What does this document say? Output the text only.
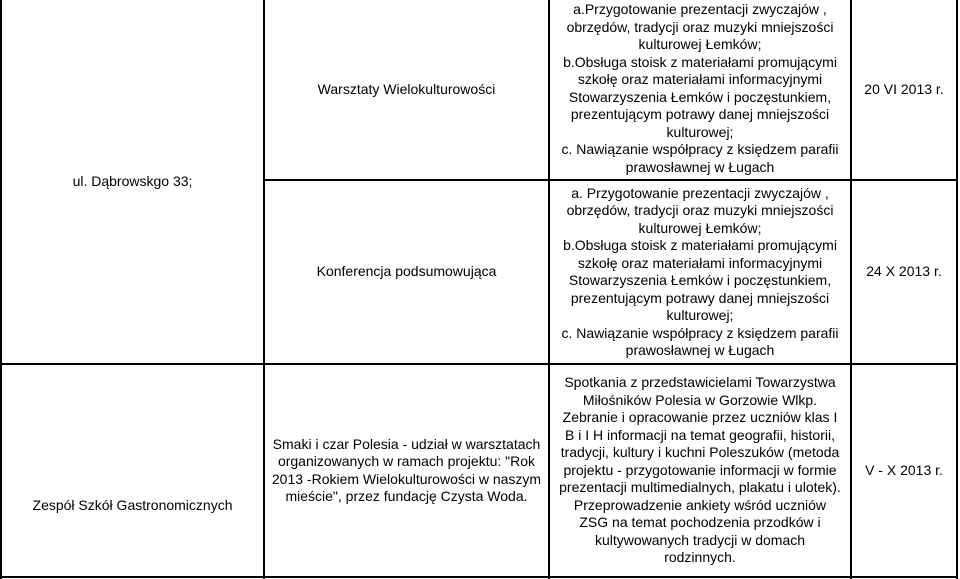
ul. Dąbrowskgo 33;
Warsztaty Wielokulturowości
a.Przygotowanie prezentacji zwyczajów ,
obrzędów, tradycji oraz muzyki mniejszości
kulturowej Łemków;
b.Obsługa stoisk z materiałami promującymi
szkołę oraz materiałami informacyjnymi
Stowarzyszenia Łemków i poczęstunkiem,
prezentującym potrawy danej mniejszości
kulturowej;
c. Nawiązanie współpracy z księdzem parafii
prawosławnej w Ługach
20 VI 2013 r.
Konferencja podsumowująca
a. Przygotowanie prezentacji zwyczajów ,
obrzędów, tradycji oraz muzyki mniejszości
kulturowej Łemków;
b.Obsługa stoisk z materiałami promującymi
szkołę oraz materiałami informacyjnymi
Stowarzyszenia Łemków i poczęstunkiem,
prezentującym potrawy danej mniejszości
kulturowej;
c. Nawiązanie współpracy z księdzem parafii
prawosławnej w Ługach
24 X 2013 r.
Zespół Szkół Gastronomicznych
Smaki i czar Polesia - udział w warsztatach
organizowanych w ramach projektu: "Rok
2013 -Rokiem Wielokulturowości w naszym
mieście", przez fundację Czysta Woda.
Spotkania z przedstawicielami Towarzystwa
Miłośników Polesia w Gorzowie Wlkp.
Zebranie i opracowanie przez uczniów klas I
B i I H informacji na temat geografii, historii,
tradycji, kultury i kuchni Poleszuków (metoda
projektu - przygotowanie informacji w formie
prezentacji multimedialnych, plakatu i ulotek).
Przeprowadzenie ankiety wśród uczniów
ZSG na temat pochodzenia przodków i
kultywowanych tradycji w domach
rodzinnych.
V - X 2013 r.
